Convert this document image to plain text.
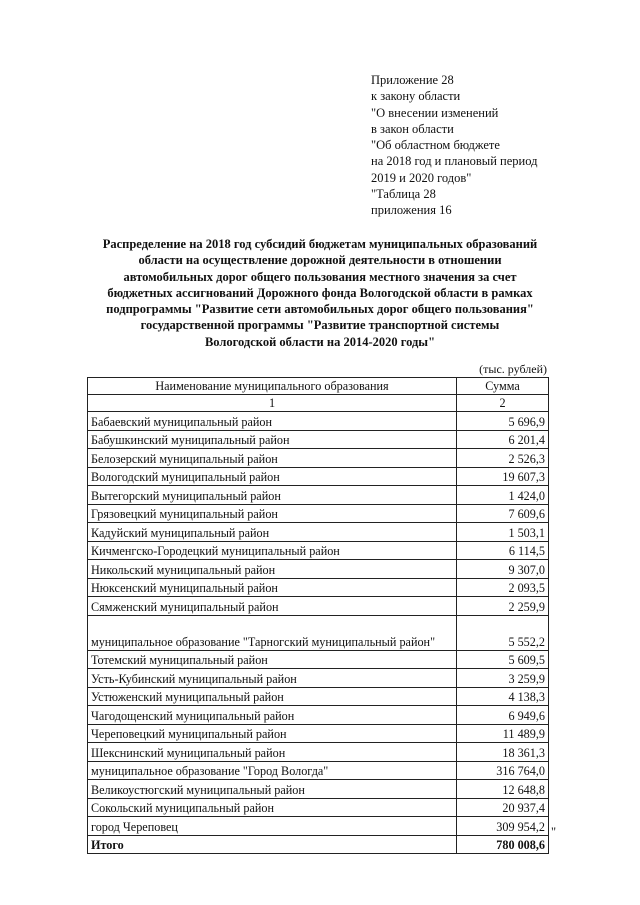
Приложение 28
к закону области
"О внесении изменений
в закон области
"Об областном бюджете
на 2018 год и плановый период
2019 и 2020 годов"
"Таблица 28
приложения 16
Распределение на 2018 год субсидий бюджетам муниципальных образований
области на осуществление дорожной деятельности в отношении
автомобильных дорог общего пользования местного значения за счет
бюджетных ассигнований Дорожного фонда Вологодской области в рамках
подпрограммы "Развитие сети автомобильных дорог общего пользования"
государственной программы "Развитие транспортной системы
Вологодской области на 2014-2020 годы"
(тыс. рублей)
Наименование муниципального образования	Сумма
1	2
Бабаевский муниципальный район	5 696,9
Бабушкинский муниципальный район	6 201,4
Белозерский муниципальный район	2 526,3
Вологодский муниципальный район	19 607,3
Вытегорский муниципальный район	1 424,0
Грязовецкий муниципальный район	7 609,6
Кадуйский муниципальный район	1 503,1
Кичменгско-Городецкий муниципальный район	6 114,5
Никольский муниципальный район	9 307,0
Нюксенский муниципальный район	2 093,5
Сямженский муниципальный район	2 259,9
муниципальное образование "Тарногский муниципальный район"	5 552,2
Тотемский муниципальный район	5 609,5
Усть-Кубинский муниципальный район	3 259,9
Устюженский муниципальный район	4 138,3
Чагодощенский муниципальный район	6 949,6
Череповецкий муниципальный район	11 489,9
Шекснинский муниципальный район	18 361,3
муниципальное образование "Город Вологда"	316 764,0
Великоустюгский муниципальный район	12 648,8
Сокольский муниципальный район	20 937,4
город Череповец	309 954,2
Итого	780 008,6
"
